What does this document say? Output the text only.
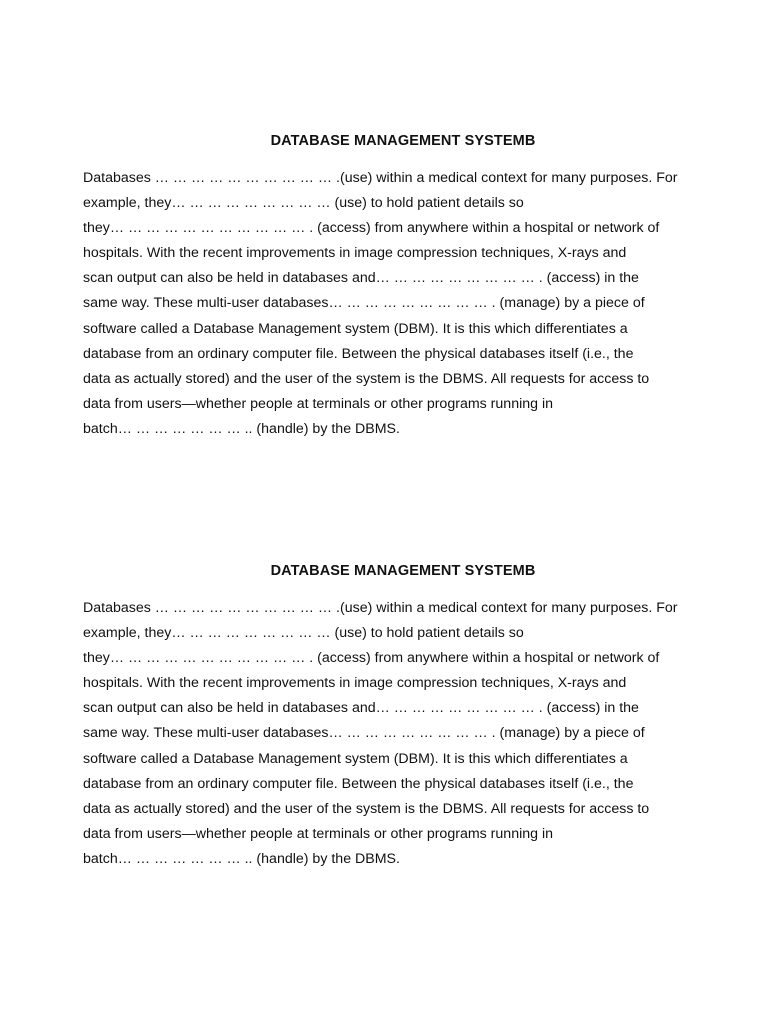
DATABASE MANAGEMENT SYSTEMB
Databases … … … … … … … … … … .(use) within a medical context for many purposes. For
example, they… … … … … … … … … (use) to hold patient details so
they… … … … … … … … … … … . (access) from anywhere within a hospital or network of
hospitals. With the recent improvements in image compression techniques, X-rays and
scan output can also be held in databases and… … … … … … … … … . (access) in the
same way. These multi-user databases… … … … … … … … … . (manage) by a piece of
software called a Database Management system (DBM). It is this which differentiates a
database from an ordinary computer file. Between the physical databases itself (i.e., the
data as actually stored) and the user of the system is the DBMS. All requests for access to
data from users—whether people at terminals or other programs running in
batch… … … … … … … .. (handle) by the DBMS.
DATABASE MANAGEMENT SYSTEMB
Databases … … … … … … … … … … .(use) within a medical context for many purposes. For
example, they… … … … … … … … … (use) to hold patient details so
they… … … … … … … … … … … . (access) from anywhere within a hospital or network of
hospitals. With the recent improvements in image compression techniques, X-rays and
scan output can also be held in databases and… … … … … … … … … . (access) in the
same way. These multi-user databases… … … … … … … … … . (manage) by a piece of
software called a Database Management system (DBM). It is this which differentiates a
database from an ordinary computer file. Between the physical databases itself (i.e., the
data as actually stored) and the user of the system is the DBMS. All requests for access to
data from users—whether people at terminals or other programs running in
batch… … … … … … … .. (handle) by the DBMS.
